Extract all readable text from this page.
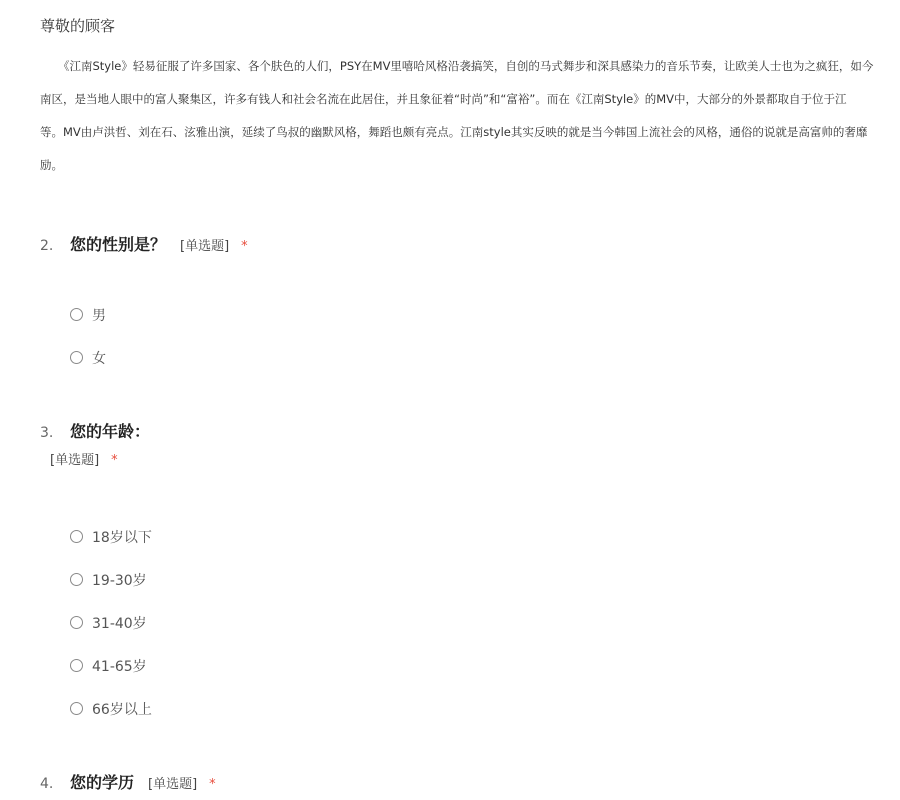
尊敬的顾客
《江南Style》轻易征服了许多国家、各个肤色的人们，PSY在MV里嘻哈风格沿袭搞笑，自创的马式舞步和深具感染力的音乐节奏，让欧美人士也为之疯狂，如今
南区，是当地人眼中的富人聚集区，许多有钱人和社会名流在此居住，并且象征着“时尚”和“富裕”。而在《江南Style》的MV中，大部分的外景都取自于位于江
等。MV由卢洪哲、刘在石、泫雅出演，延续了鸟叔的幽默风格，舞蹈也颇有亮点。江南style其实反映的就是当今韩国上流社会的风格，通俗的说就是高富帅的奢靡
励。
2. 您的性别是？ [单选题] *
男
女
3. 您的年龄：
[单选题] *
18岁以下
19-30岁
31-40岁
41-65岁
66岁以上
4. 您的学历 [单选题] *
